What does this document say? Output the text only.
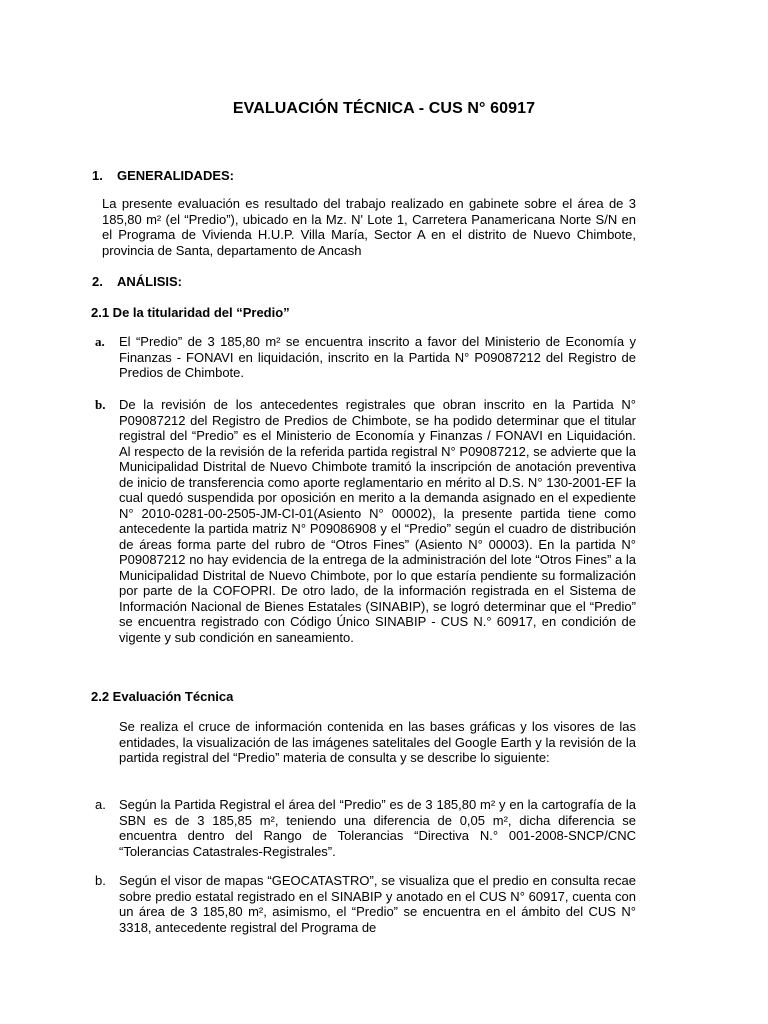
EVALUACIÓN TÉCNICA - CUS N° 60917
1. GENERALIDADES:
La presente evaluación es resultado del trabajo realizado en gabinete sobre el área de 3 185,80 m² (el “Predio”), ubicado en la Mz. N' Lote 1, Carretera Panamericana Norte S/N en el Programa de Vivienda H.U.P. Villa María, Sector A en el distrito de Nuevo Chimbote, provincia de Santa, departamento de Ancash
2. ANÁLISIS:
2.1 De la titularidad del “Predio”
a. El “Predio” de 3 185,80 m² se encuentra inscrito a favor del Ministerio de Economía y Finanzas - FONAVI en liquidación, inscrito en la Partida N° P09087212 del Registro de Predios de Chimbote.
b. De la revisión de los antecedentes registrales que obran inscrito en la Partida N° P09087212 del Registro de Predios de Chimbote, se ha podido determinar que el titular registral del “Predio” es el Ministerio de Economía y Finanzas / FONAVI en Liquidación. Al respecto de la revisión de la referida partida registral N° P09087212, se advierte que la Municipalidad Distrital de Nuevo Chimbote tramitó la inscripción de anotación preventiva de inicio de transferencia como aporte reglamentario en mérito al D.S. N° 130-2001-EF la cual quedó suspendida por oposición en merito a la demanda asignado en el expediente N° 2010-0281-00-2505-JM-CI-01(Asiento N° 00002), la presente partida tiene como antecedente la partida matriz N° P09086908 y el “Predio” según el cuadro de distribución de áreas forma parte del rubro de “Otros Fines” (Asiento N° 00003). En la partida N° P09087212 no hay evidencia de la entrega de la administración del lote “Otros Fines” a la Municipalidad Distrital de Nuevo Chimbote, por lo que estaría pendiente su formalización por parte de la COFOPRI. De otro lado, de la información registrada en el Sistema de Información Nacional de Bienes Estatales (SINABIP), se logró determinar que el “Predio” se encuentra registrado con Código Único SINABIP - CUS N.° 60917, en condición de vigente y sub condición en saneamiento.
2.2 Evaluación Técnica
Se realiza el cruce de información contenida en las bases gráficas y los visores de las entidades, la visualización de las imágenes satelitales del Google Earth y la revisión de la partida registral del “Predio” materia de consulta y se describe lo siguiente:
a. Según la Partida Registral el área del “Predio” es de 3 185,80 m² y en la cartografía de la SBN es de 3 185,85 m², teniendo una diferencia de 0,05 m², dicha diferencia se encuentra dentro del Rango de Tolerancias “Directiva N.° 001-2008-SNCP/CNC “Tolerancias Catastrales-Registrales”.
b. Según el visor de mapas “GEOCATASTRO”, se visualiza que el predio en consulta recae sobre predio estatal registrado en el SINABIP y anotado en el CUS N° 60917, cuenta con un área de 3 185,80 m², asimismo, el “Predio” se encuentra en el ámbito del CUS N° 3318, antecedente registral del Programa de
